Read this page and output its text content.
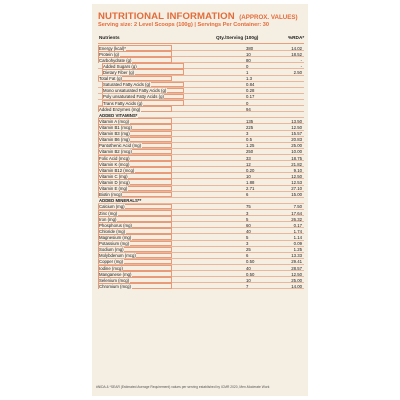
NUTRITIONAL INFORMATION (APPROX. VALUES)
Serving size: 2 Level Scoops (100g) | Servings Per Container: 30
Nutrients	Qty./Serving (100g)	%RDA*
Energy (kcal)*	380	14.02
Protein (g)	10	18.52
Carbohydrate (g)	80	-
Added Sugars (g)	0	-
Dietary Fiber (g)	1	2.50
Total Fat (g)	1.3
Saturated Fatty Acids (g)	0.84
Mono unsaturated Fatty Acids (g)	0.28
Poly unsaturated Fatty Acids (g)	0.17
Trans Fatty Acids (g)	0
Added Enzymes (mg)	94
ADDED VITAMINS*
Vitamin A (mcg)	135	13.50
Vitamin B1 (mcg)	225	12.50
Vitamin B3 (mg)	3	15.57
Vitamin B6 (mg)	0.5	20.83
Pantothenic Acid (mg)	1.25	25.00
Vitamin B2 (mcg)	250	10.00
Folic Acid (mcg)	33	18.75
Vitamin K (mcg)	12	21.82
Vitamin B12 (mcg)	0.20	9.10
Vitamin C (mg)	10	12.50
Vitamin D (mcg)	1.88	12.53
Vitamin E (mg)	2.71	27.10
Biotin (mcg)	6	15.00
ADDED MINERALS**
Calcium (mg)	75	7.50
Zinc (mg)	3	17.64
Iron (mg)	5	26.32
Phosphorus (mg)	60	0.17
Chloride (mg)	40	1.74
Magnesium (mg)	5	1.14
Potassium (mg)	3	0.09
Sodium (mg)	25	1.25
Molybdenum (mcg)	6	13.33
Copper (mg)	0.50	29.41
Iodine (mcg)	40	28.57
Manganese (mg)	0.50	12.50
Selenium (mcg)	10	25.00
Chromium (mcg)	7	14.00
#NIDA & *SEAR (Estimated Average Requirement) values per serving established by ICMR 2020, Men-Moderate Work
